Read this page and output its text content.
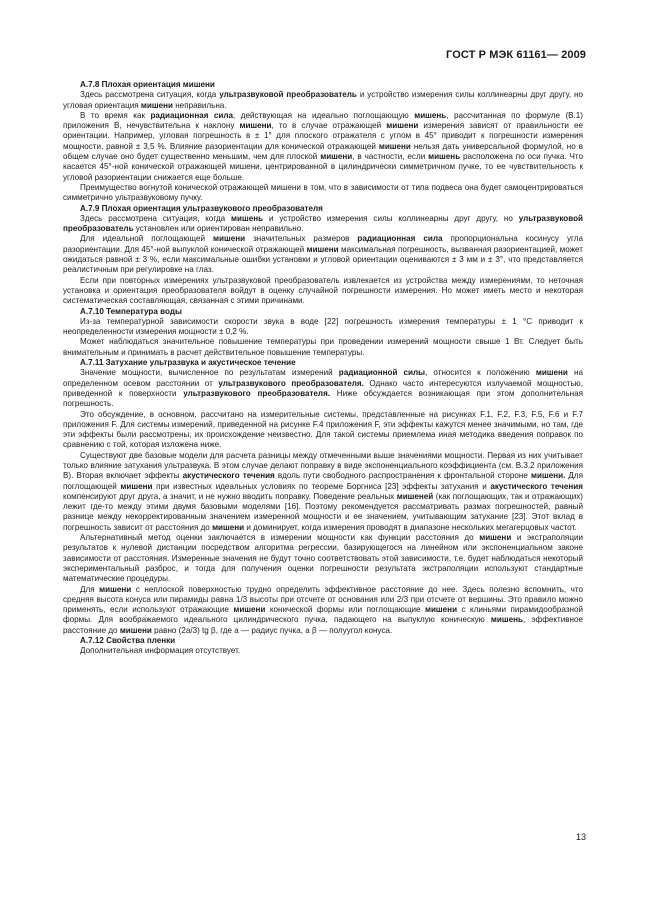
ГОСТ Р МЭК 61161— 2009

А.7.8 Плохая ориентация мишени

Здесь рассмотрена ситуация, когда ультразвуковой преобразователь и устройство измерения силы коллинеарны друг другу, но угловая ориентация мишени неправильна.

В то время как радиационная сила, действующая на идеально поглощающую мишень, рассчитанная по формуле (В.1) приложения В, нечувствительна к наклону мишени, то в случае отражающей мишени измерения зависят от правильности ее ориентации. Например, угловая погрешность в ± 1° для плоского отражателя с углом в 45° приводит к погрешности измерения мощности, равной ± 3,5 %. Влияние разориентации для конической отражающей мишени нельзя дать универсальной формулой, но в общем случае оно будет существенно меньшим, чем для плоской мишени, в частности, если мишень расположена по оси пучка. Что касается 45°-ной конической отражающей мишени, центрированной в цилиндрически симметричном пучке, то ее чувствительность к угловой разориентации снижается еще больше.

Преимущество вогнутой конической отражающей мишени в том, что в зависимости от типа подвеса она будет самоцентрироваться симметрично ультразвуковому пучку.

А.7.9 Плохая ориентация ультразвукового преобразователя

Здесь рассмотрена ситуация, когда мишень и устройство измерения силы коллинеарны друг другу, но ультразвуковой преобразователь установлен или ориентирован неправильно.

Для идеальной поглощающей мишени значительных размеров радиационная сила пропорциональна косинусу угла разориентации. Для 45°-ной выпуклой конической отражающей мишени максимальная погрешность, вызванная разориентацией, может ожидаться равной ± 3 %, если максимальные ошибки установки и угловой ориентации оцениваются ± 3 мм и ± 3°, что представляется реалистичным при регулировке на глаз.

Если при повторных измерениях ультразвуковой преобразователь извлекается из устройства между измерениями, то неточная установка и ориентация преобразователя войдут в оценку случайной погрешности измерения. Но может иметь место и некоторая систематическая составляющая, связанная с этими причинами.

А.7.10 Температура воды

Из-за температурной зависимости скорости звука в воде [22] погрешность измерения температуры ± 1 °С приводит к неопределенности измерения мощности ± 0,2 %.

Может наблюдаться значительное повышение температуры при проведении измерений мощности свыше 1 Вт. Следует быть внимательным и принимать в расчет действительное повышение температуры.

А.7.11 Затухание ультразвука и акустическое течение

Значение мощности, вычисленное по результатам измерений радиационной силы, относится к положению мишени на определенном осевом расстоянии от ультразвукового преобразователя. Однако часто интересуются излучаемой мощностью, приведенной к поверхности ультразвукового преобразователя. Ниже обсуждается возникающая при этом дополнительная погрешность.

Это обсуждение, в основном, рассчитано на измерительные системы, представленные на рисунках F.1, F.2, F.3, F.5, F.6 и F.7 приложения F. Для системы измерений, приведенной на рисунке F.4 приложения F, эти эффекты кажутся менее значимыми, но там, где эти эффекты были рассмотрены, их происхождение неизвестно. Для такой системы приемлема иная методика введения поправок по сравнению с той, которая изложена ниже.

Существуют две базовые модели для расчета разницы между отмеченными выше значениями мощности. Первая из них учитывает только влияние затухания ультразвука. В этом случае делают поправку в виде экспоненциального коэффициента (см. В.3.2 приложения В). Вторая включает эффекты акустического течения вдоль пути свободного распространения к фронтальной стороне мишени. Для поглощающей мишени при известных идеальных условиях по теореме Боргниса [23] эффекты затухания и акустического течения компенсируют друг друга, а значит, и не нужно вводить поправку. Поведение реальных мишеней (как поглощающих, так и отражающих) лежит где-то между этими двумя базовыми моделями [16]. Поэтому рекомендуется рассматривать размах погрешностей, равный разнице между некорректированным значением измеренной мощности и ее значением, учитывающим затухание [23]. Этот вклад в погрешность зависит от расстояния до мишени и доминирует, когда измерения проводят в диапазоне нескольких мегагерцовых частот.

Альтернативный метод оценки заключается в измерении мощности как функции расстояния до мишени и экстраполяции результатов к нулевой дистанции посредством алгоритма регрессии, базирующегося на линейном или экспоненциальном законе зависимости от расстояния. Измеренные значения не будут точно соответствовать этой зависимости, т.е. будет наблюдаться некоторый экспериментальный разброс, и тогда для получения оценки погрешности результата экстраполяции используют стандартные математические процедуры.

Для мишени с неплоской поверхностью трудно определить эффективное расстояние до нее. Здесь полезно вспомнить, что средняя высота конуса или пирамиды равна 1/3 высоты при отсчете от основания или 2/3 при отсчете от вершины. Это правило можно применять, если используют отражающие мишени конической формы или поглощающие мишени с клиньями пирамидообразной формы. Для воображаемого идеального цилиндрического пучка, падающего на выпуклую коническую мишень, эффективное расстояние до мишени равно (2a/3) tg β, где a — радиус пучка, а β — полуугол конуса.

А.7.12 Свойства пленки

Дополнительная информация отсутствует.

13
